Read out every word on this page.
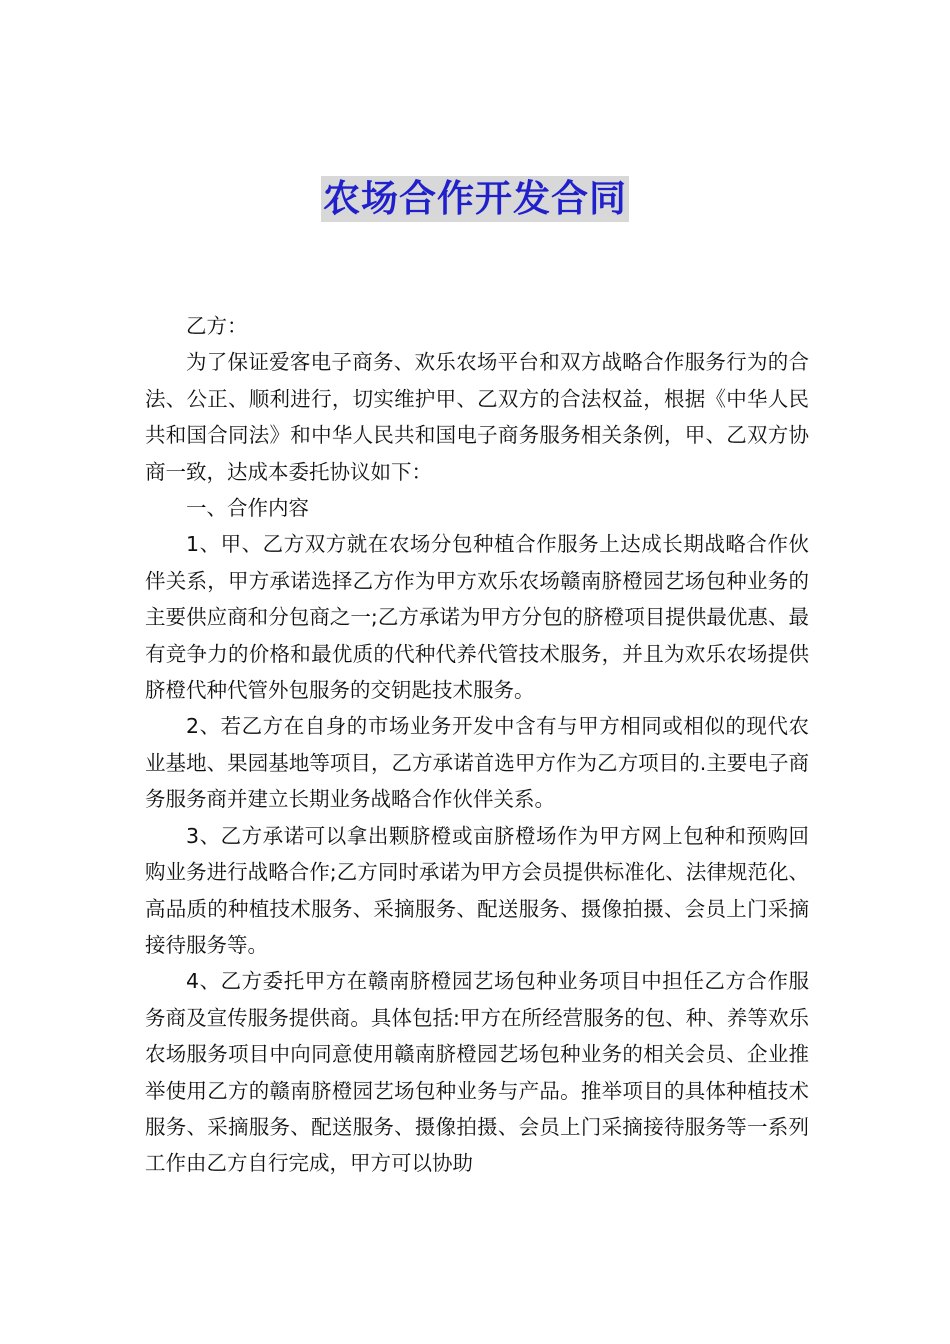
农场合作开发合同

乙方：

为了保证爱客电子商务、欢乐农场平台和双方战略合作服务行为的合法、公正、顺利进行，切实维护甲、乙双方的合法权益，根据《中华人民共和国合同法》和中华人民共和国电子商务服务相关条例，甲、乙双方协商一致，达成本委托协议如下：

一、合作内容

1、甲、乙方双方就在农场分包种植合作服务上达成长期战略合作伙伴关系，甲方承诺选择乙方作为甲方欢乐农场赣南脐橙园艺场包种业务的主要供应商和分包商之一;乙方承诺为甲方分包的脐橙项目提供最优惠、最有竞争力的价格和最优质的代种代养代管技术服务，并且为欢乐农场提供脐橙代种代管外包服务的交钥匙技术服务。

2、若乙方在自身的市场业务开发中含有与甲方相同或相似的现代农业基地、果园基地等项目，乙方承诺首选甲方作为乙方项目的.主要电子商务服务商并建立长期业务战略合作伙伴关系。

3、乙方承诺可以拿出颗脐橙或亩脐橙场作为甲方网上包种和预购回购业务进行战略合作;乙方同时承诺为甲方会员提供标准化、法律规范化、高品质的种植技术服务、采摘服务、配送服务、摄像拍摄、会员上门采摘接待服务等。

4、乙方委托甲方在赣南脐橙园艺场包种业务项目中担任乙方合作服务商及宣传服务提供商。具体包括:甲方在所经营服务的包、种、养等欢乐农场服务项目中向同意使用赣南脐橙园艺场包种业务的相关会员、企业推举使用乙方的赣南脐橙园艺场包种业务与产品。推举项目的具体种植技术服务、采摘服务、配送服务、摄像拍摄、会员上门采摘接待服务等一系列工作由乙方自行完成，甲方可以协助
